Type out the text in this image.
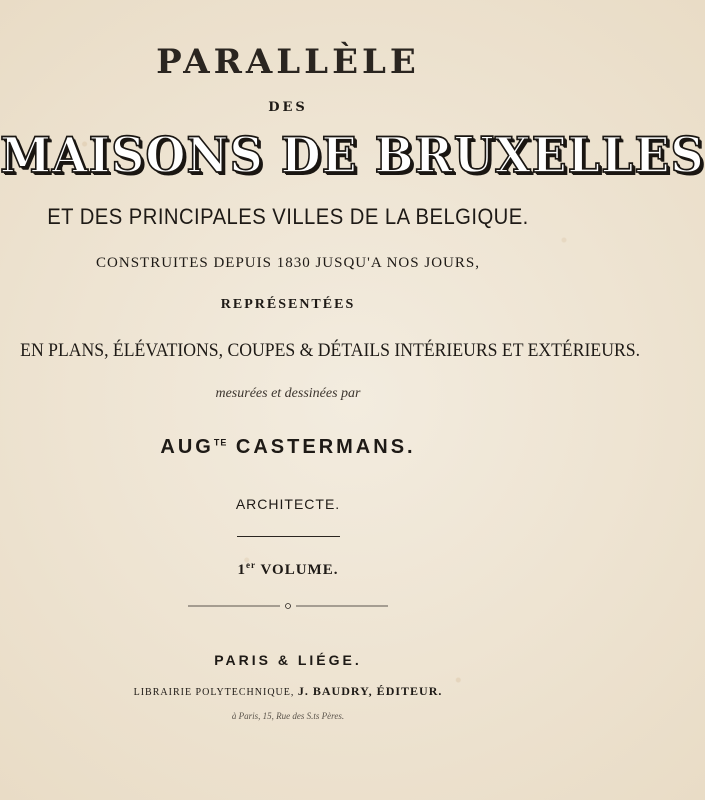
PARALLÈLE
DES
MAISONS DE BRUXELLES
ET DES PRINCIPALES VILLES DE LA BELGIQUE.
CONSTRUITES DEPUIS 1830 JUSQU'A NOS JOURS,
REPRÉSENTÉES
EN PLANS, ÉLÉVATIONS, COUPES & DÉTAILS INTÉRIEURS ET EXTÉRIEURS.
mesurées et dessinées par
$AUG^{TE}$ CASTERMANS.
ARCHITECTE.
1er VOLUME.
PARIS & LIÉGE.
LIBRAIRIE POLYTECHNIQUE, J. BAUDRY, ÉDITEUR.
à Paris, 15, Rue des S.ts Pères.
